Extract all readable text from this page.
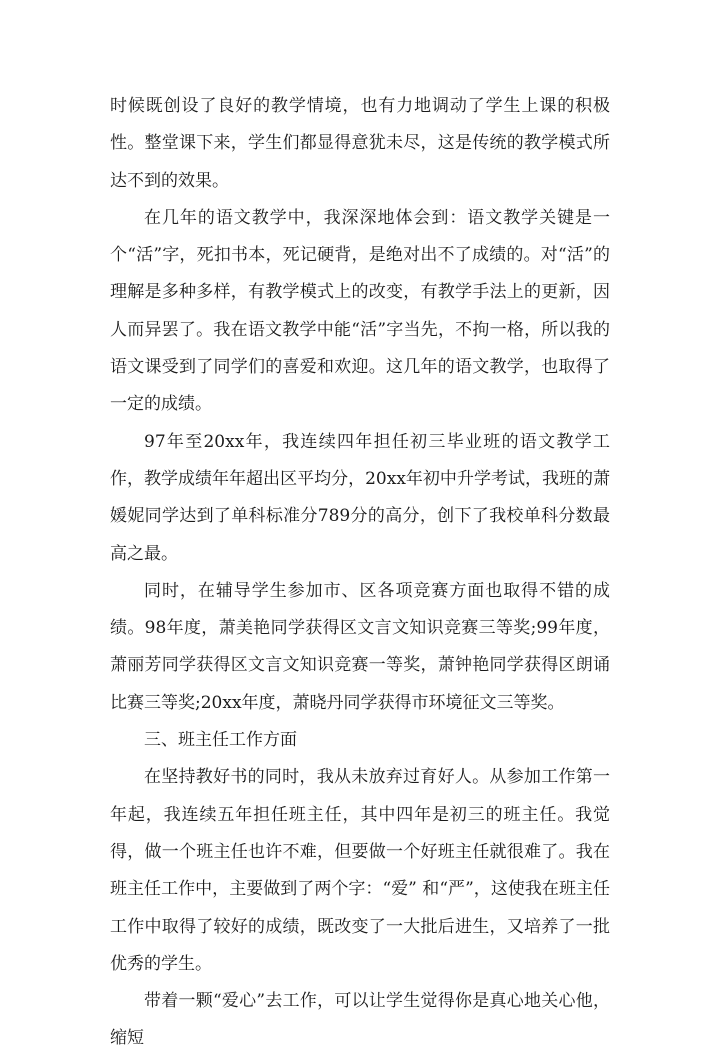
时候既创设了良好的教学情境，也有力地调动了学生上课的积极性。整堂课下来，学生们都显得意犹未尽，这是传统的教学模式所达不到的效果。

在几年的语文教学中，我深深地体会到：语文教学关键是一个“活”字，死扣书本，死记硬背，是绝对出不了成绩的。对“活”的理解是多种多样，有教学模式上的改变，有教学手法上的更新，因人而异罢了。我在语文教学中能“活”字当先，不拘一格，所以我的语文课受到了同学们的喜爱和欢迎。这几年的语文教学，也取得了一定的成绩。

97年至20xx年，我连续四年担任初三毕业班的语文教学工作，教学成绩年年超出区平均分，20xx年初中升学考试，我班的萧媛妮同学达到了单科标准分789分的高分，创下了我校单科分数最高之最。

同时，在辅导学生参加市、区各项竞赛方面也取得不错的成绩。98年度，萧美艳同学获得区文言文知识竞赛三等奖;99年度，萧丽芳同学获得区文言文知识竞赛一等奖，萧钟艳同学获得区朗诵比赛三等奖;20xx年度，萧晓丹同学获得市环境征文三等奖。

三、班主任工作方面

在坚持教好书的同时，我从未放弃过育好人。从参加工作第一年起，我连续五年担任班主任，其中四年是初三的班主任。我觉得，做一个班主任也许不难，但要做一个好班主任就很难了。我在班主任工作中，主要做到了两个字：“爱” 和“严”，这使我在班主任工作中取得了较好的成绩，既改变了一大批后进生，又培养了一批优秀的学生。

带着一颗“爱心”去工作，可以让学生觉得你是真心地关心他，缩短
